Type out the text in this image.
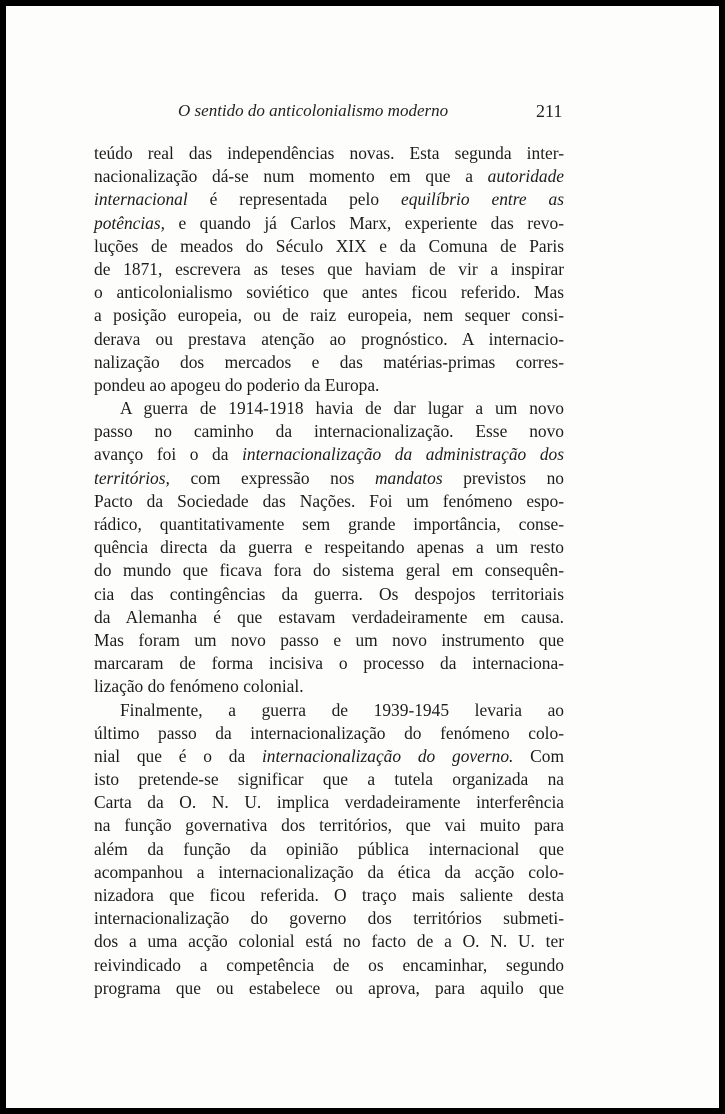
O sentido do anticolonialismo moderno	211
teúdo real das independências novas. Esta segunda inter-
nacionalização dá-se num momento em que a autoridade
internacional é representada pelo equilíbrio entre as
potências, e quando já Carlos Marx, experiente das revo-
luções de meados do Século XIX e da Comuna de Paris
de 1871, escrevera as teses que haviam de vir a inspirar
o anticolonialismo soviético que antes ficou referido. Mas
a posição europeia, ou de raiz europeia, nem sequer consi-
derava ou prestava atenção ao prognóstico. A internacio-
nalização dos mercados e das matérias-primas corres-
pondeu ao apogeu do poderio da Europa.
A guerra de 1914-1918 havia de dar lugar a um novo
passo no caminho da internacionalização. Esse novo
avanço foi o da internacionalização da administração dos
territórios, com expressão nos mandatos previstos no
Pacto da Sociedade das Nações. Foi um fenómeno espo-
rádico, quantitativamente sem grande importância, conse-
quência directa da guerra e respeitando apenas a um resto
do mundo que ficava fora do sistema geral em consequên-
cia das contingências da guerra. Os despojos territoriais
da Alemanha é que estavam verdadeiramente em causa.
Mas foram um novo passo e um novo instrumento que
marcaram de forma incisiva o processo da internaciona-
lização do fenómeno colonial.
Finalmente, a guerra de 1939-1945 levaria ao
último passo da internacionalização do fenómeno colo-
nial que é o da internacionalização do governo. Com
isto pretende-se significar que a tutela organizada na
Carta da O. N. U. implica verdadeiramente interferência
na função governativa dos territórios, que vai muito para
além da função da opinião pública internacional que
acompanhou a internacionalização da ética da acção colo-
nizadora que ficou referida. O traço mais saliente desta
internacionalização do governo dos territórios submeti-
dos a uma acção colonial está no facto de a O. N. U. ter
reivindicado a competência de os encaminhar, segundo
programa que ou estabelece ou aprova, para aquilo que
